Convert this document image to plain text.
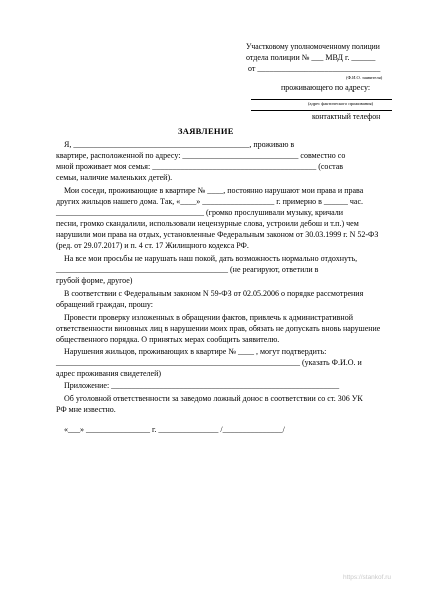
Участковому уполномоченному полиции
отдела полиции № ___ МВД г. ______
от _______________________________
(Ф.И.О. заявителя)
проживающего по адресу:
(адрес фактического проживания)
контактный телефон
ЗАЯВЛЕНИЕ
Я, ____________________________________________, проживаю в
квартире, расположенной по адресу: _____________________________ совместно со
мной проживает моя семья: _________________________________________ (состав
семьи, наличие маленьких детей).
Мои соседи, проживающие в квартире № ____, постоянно нарушают мои права и права
других жильцов нашего дома. Так, «____» __________________ г. примерно в ______ час.
_____________________________________ (громко прослушивали музыку, кричали
песни, громко скандалили, использовали нецензурные слова, устроили дебош и т.п.) чем
нарушили мои права на отдых, установленные Федеральным законом от 30.03.1999 г. N 52-ФЗ
(ред. от 29.07.2017) и п. 4 ст. 17 Жилищного кодекса РФ.
На все мои просьбы не нарушать наш покой, дать возможность нормально отдохнуть,
___________________________________________ (не реагируют, ответили в
грубой форме, другое)
В соответствии с Федеральным законом N 59-ФЗ от 02.05.2006 о порядке рассмотрения
обращений граждан, прошу:
Провести проверку изложенных в обращении фактов, привлечь к административной
ответственности виновных лиц в нарушении моих прав, обязать не допускать вновь нарушение
общественного порядка. О принятых мерах сообщить заявителю.
Нарушения жильцов, проживающих в квартире № ____ , могут подтвердить:
_____________________________________________________________ (указать Ф.И.О. и
адрес проживания свидетелей)
Приложение: _________________________________________________________
Об уголовной ответственности за заведомо ложный донос в соответствии со ст. 306 УК
РФ мне известно.
«___» ________________ г. _______________ /_______________/
https://stankof.ru
